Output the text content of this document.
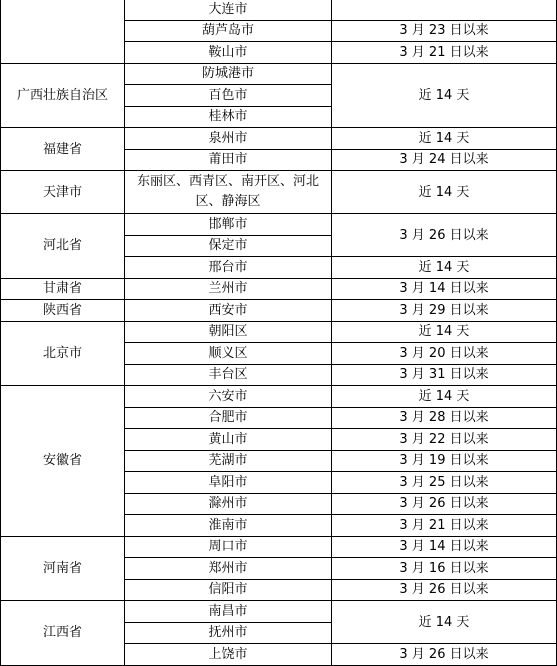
	大连市	
	葫芦岛市	3 月 23 日以来
	鞍山市	3 月 21 日以来
广西壮族自治区	防城港市	近 14 天
	百色市	
	桂林市	
福建省	泉州市	近 14 天
	莆田市	3 月 24 日以来
天津市	东丽区、西青区、南开区、河北区、静海区	近 14 天
河北省	邯郸市	3 月 26 日以来
	保定市	
	邢台市	近 14 天
甘肃省	兰州市	3 月 14 日以来
陕西省	西安市	3 月 29 日以来
北京市	朝阳区	近 14 天
	顺义区	3 月 20 日以来
	丰台区	3 月 31 日以来
安徽省	六安市	近 14 天
	合肥市	3 月 28 日以来
	黄山市	3 月 22 日以来
	芜湖市	3 月 19 日以来
	阜阳市	3 月 25 日以来
	滁州市	3 月 26 日以来
	淮南市	3 月 21 日以来
河南省	周口市	3 月 14 日以来
	郑州市	3 月 16 日以来
	信阳市	3 月 26 日以来
江西省	南昌市	近 14 天
	抚州市	
	上饶市	3 月 26 日以来
